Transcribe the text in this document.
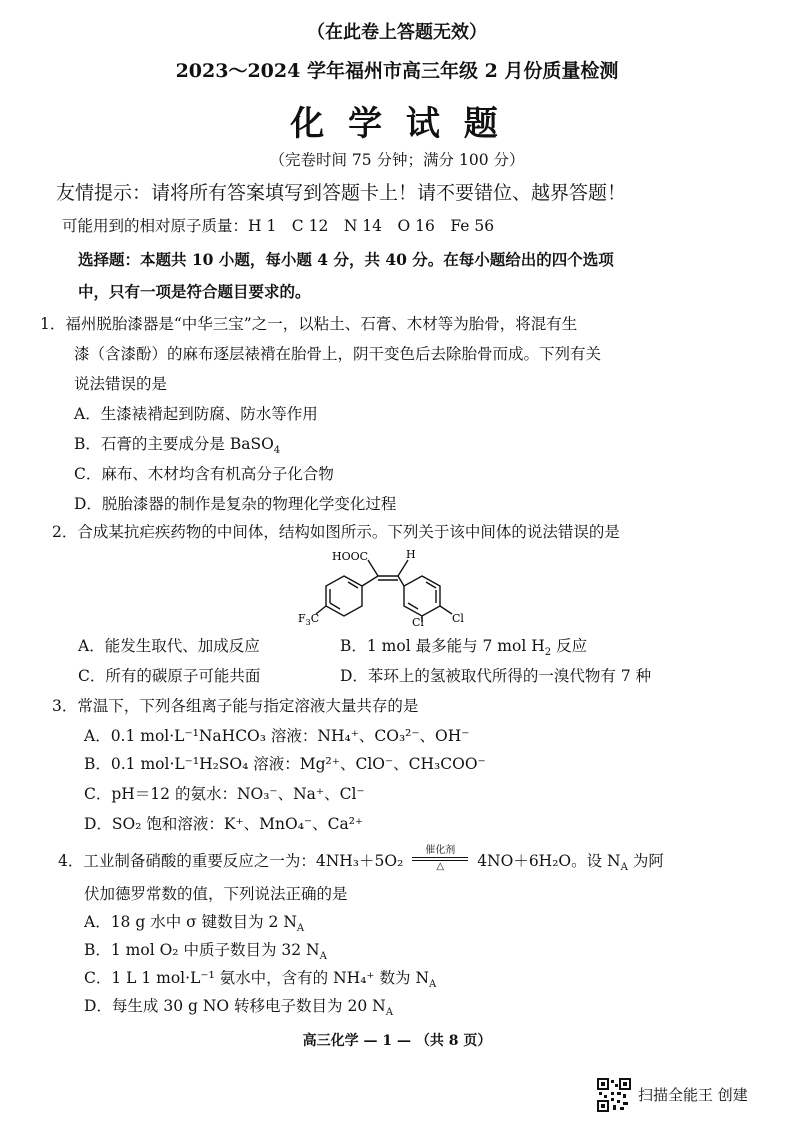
（在此卷上答题无效）
2023～2024 学年福州市高三年级 2 月份质量检测
化 学 试 题
（完卷时间 75 分钟；满分 100 分）
友情提示：请将所有答案填写到答题卡上！请不要错位、越界答题！
可能用到的相对原子质量：H 1　C 12　N 14　O 16　Fe 56
选择题：本题共 10 小题，每小题 4 分，共 40 分。在每小题给出的四个选项
中，只有一项是符合题目要求的。
1．福州脱胎漆器是“中华三宝”之一，以粘土、石膏、木材等为胎骨，将混有生
漆（含漆酚）的麻布逐层裱褙在胎骨上，阴干变色后去除胎骨而成。下列有关
说法错误的是
A．生漆裱褙起到防腐、防水等作用
B．石膏的主要成分是 BaSO$_4$
C．麻布、木材均含有机高分子化合物
D．脱胎漆器的制作是复杂的物理化学变化过程
2．合成某抗疟疾药物的中间体，结构如图所示。下列关于该中间体的说法错误的是
HOOC	H
$F_3C$	Cl	Cl
A．能发生取代、加成反应	B．1 mol 最多能与 7 mol $H_2$ 反应
C．所有的碳原子可能共面	D．苯环上的氢被取代所得的一溴代物有 7 种
3．常温下，下列各组离子能与指定溶液大量共存的是
A．0.1 mol·L⁻¹NaHCO₃ 溶液：NH₄⁺、CO₃²⁻、OH⁻
B．0.1 mol·L⁻¹H₂SO₄ 溶液：Mg²⁺、ClO⁻、CH₃COO⁻
C．pH＝12 的氨水：NO₃⁻、Na⁺、Cl⁻
D．SO₂ 饱和溶液：K⁺、MnO₄⁻、Ca²⁺
4．工业制备硝酸的重要反应之一为：4NH₃＋5O₂
催化剂
△	4NO＋6H₂O。设 $N_A$ 为阿
伏加德罗常数的值，下列说法正确的是
A．18 g 水中 σ 键数目为 2 $N_A$
B．1 mol O₂ 中质子数目为 32 $N_A$
C．1 L 1 mol·L⁻¹ 氨水中，含有的 NH₄⁺ 数为 $N_A$
D．每生成 30 g NO 转移电子数目为 20 $N_A$
高三化学 — 1 — （共 8 页）
扫描全能王 创建
